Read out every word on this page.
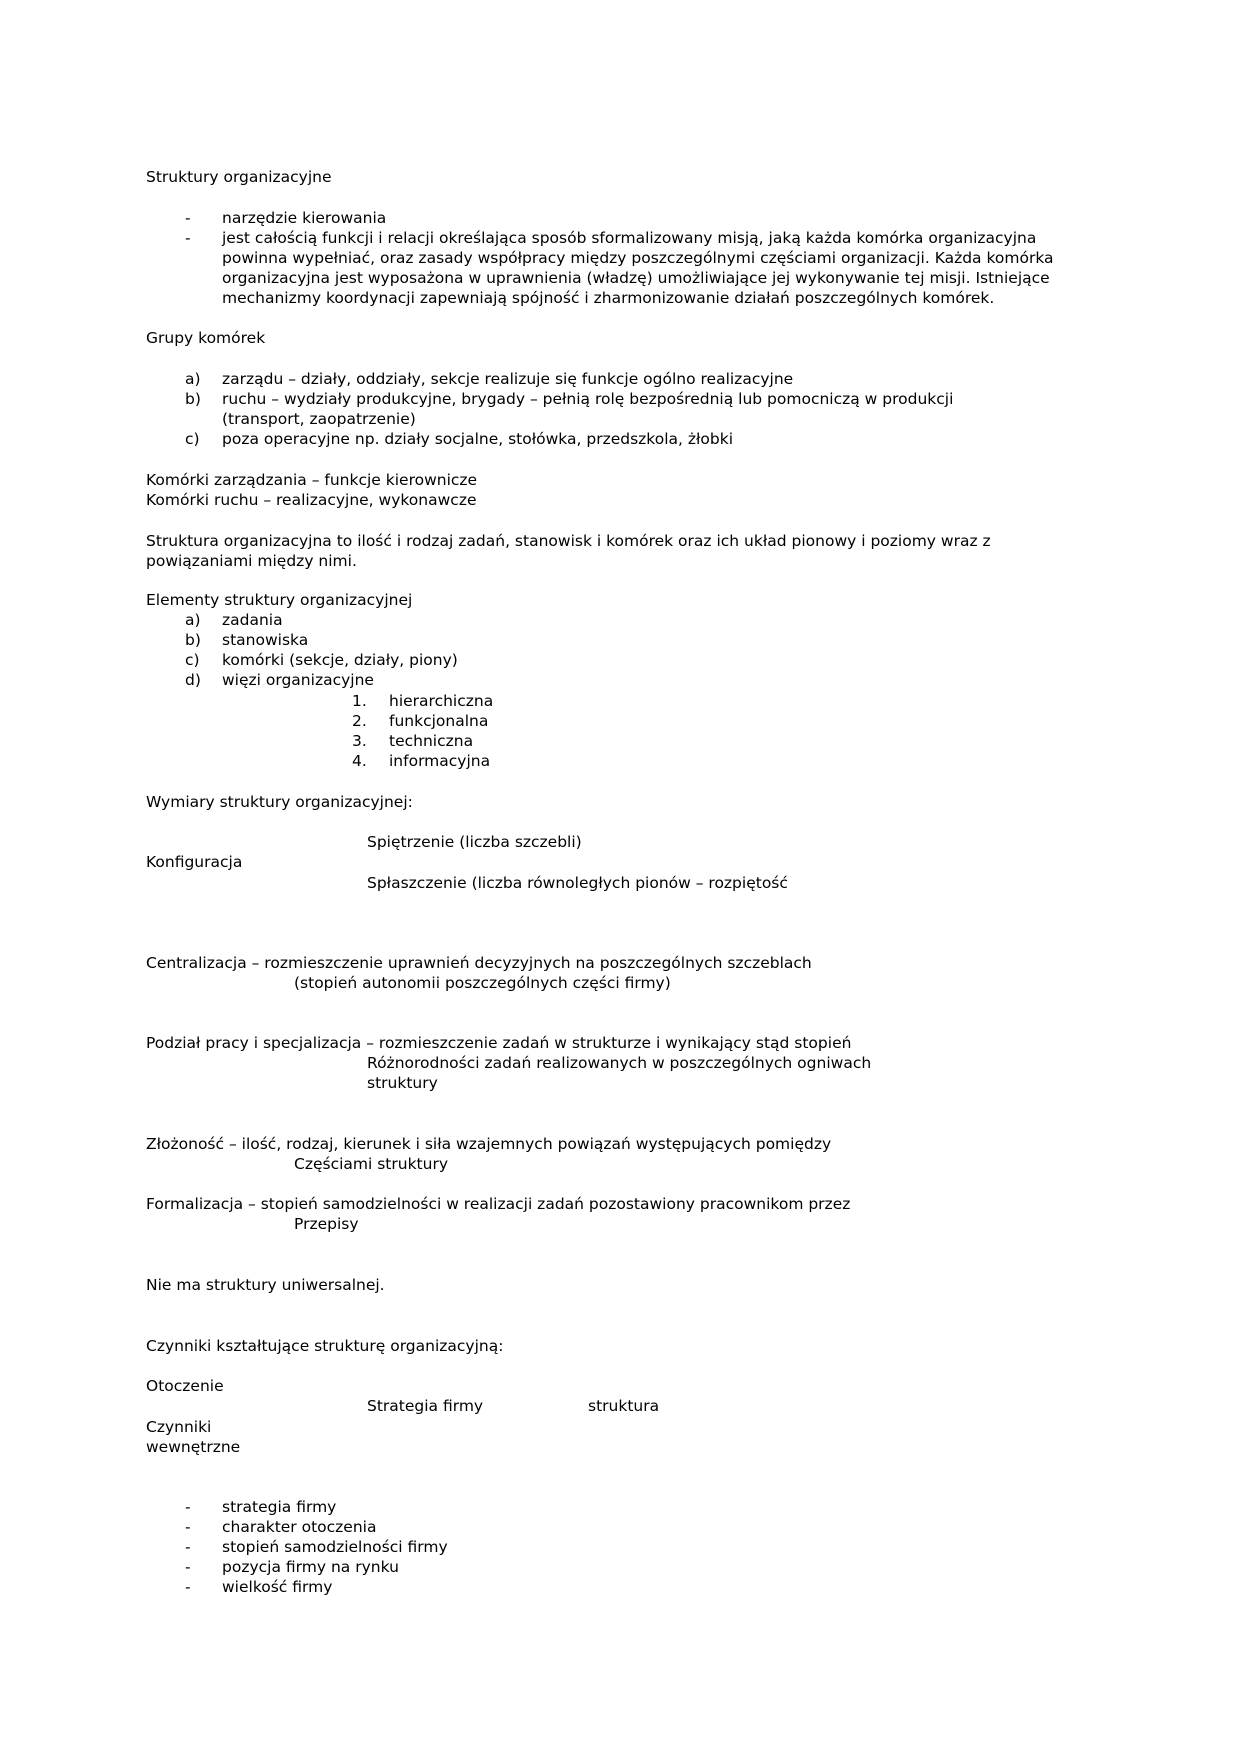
Struktury organizacyjne
- narzędzie kierowania
- jest całością funkcji i relacji określająca sposób sformalizowany misją, jaką każda komórka organizacyjna powinna wypełniać, oraz zasady współpracy między poszczególnymi częściami organizacji. Każda komórka organizacyjna jest wyposażona w uprawnienia (władzę) umożliwiające jej wykonywanie tej misji. Istniejące mechanizmy koordynacji zapewniają spójność i zharmonizowanie działań poszczególnych komórek.
Grupy komórek
a) zarządu – działy, oddziały, sekcje realizuje się funkcje ogólno realizacyjne
b) ruchu – wydziały produkcyjne, brygady – pełnią rolę bezpośrednią lub pomocniczą w produkcji (transport, zaopatrzenie)
c) poza operacyjne np. działy socjalne, stołówka, przedszkola, żłobki
Komórki zarządzania – funkcje kierownicze
Komórki ruchu – realizacyjne, wykonawcze
Struktura organizacyjna to ilość i rodzaj zadań, stanowisk i komórek oraz ich układ pionowy i poziomy wraz z powiązaniami między nimi.
Elementy struktury organizacyjnej
a) zadania
b) stanowiska
c) komórki (sekcje, działy, piony)
d) więzi organizacyjne
1. hierarchiczna
2. funkcjonalna
3. techniczna
4. informacyjna
Wymiary struktury organizacyjnej:
Spiętrzenie (liczba szczebli)
Konfiguracja
Spłaszczenie (liczba równoległych pionów – rozpiętość
Centralizacja – rozmieszczenie uprawnień decyzyjnych na poszczególnych szczeblach
(stopień autonomii poszczególnych części firmy)
Podział pracy i specjalizacja – rozmieszczenie zadań w strukturze i wynikający stąd stopień
Różnorodności zadań realizowanych w poszczególnych ogniwach
struktury
Złożoność – ilość, rodzaj, kierunek i siła wzajemnych powiązań występujących pomiędzy
Częściami struktury
Formalizacja – stopień samodzielności w realizacji zadań pozostawiony pracownikom przez
Przepisy
Nie ma struktury uniwersalnej.
Czynniki kształtujące strukturę organizacyjną:
Otoczenie
Strategia firmy	struktura
Czynniki
wewnętrzne
- strategia firmy
- charakter otoczenia
- stopień samodzielności firmy
- pozycja firmy na rynku
- wielkość firmy
